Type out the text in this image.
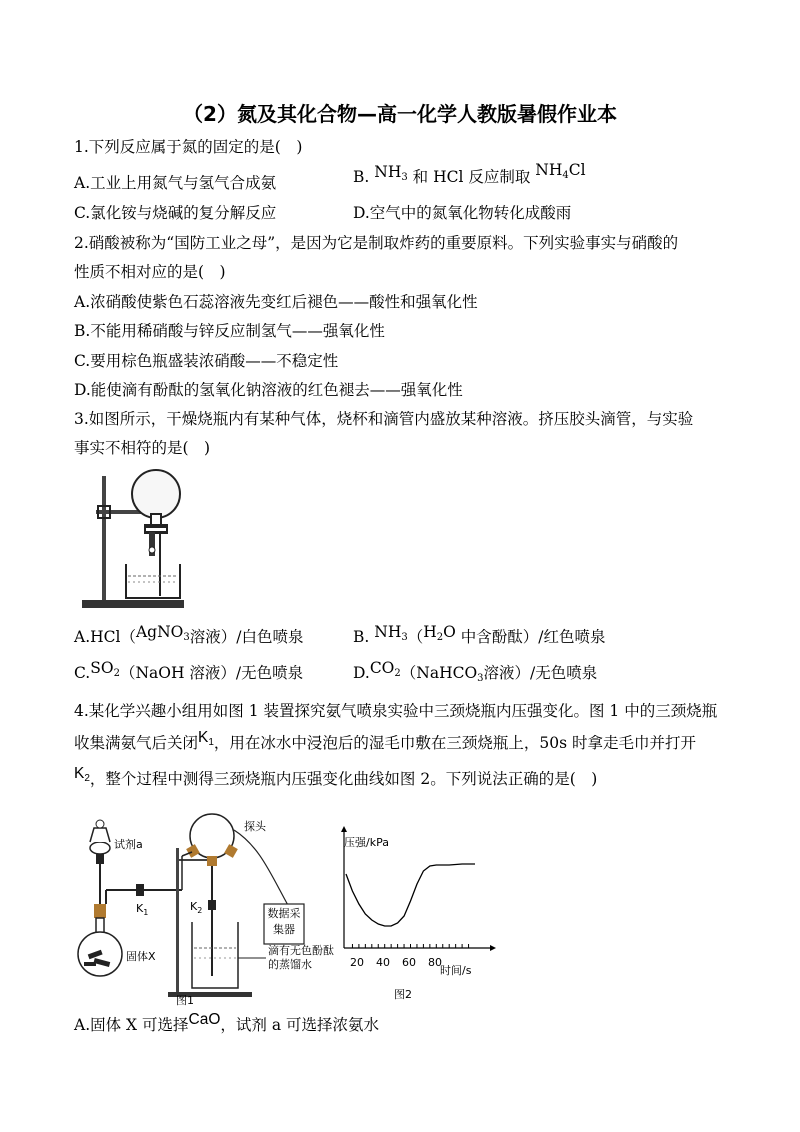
（2）氮及其化合物—高一化学人教版暑假作业本
1.下列反应属于氮的固定的是(　)
A.工业上用氮气与氢气合成氨	B. $NH_3$ 和 HCl 反应制取 $NH_4Cl$
C.氯化铵与烧碱的复分解反应	D.空气中的氮氧化物转化成酸雨
2.硝酸被称为“国防工业之母”，是因为它是制取炸药的重要原料。下列实验事实与硝酸的
性质不相对应的是(　)
A.浓硝酸使紫色石蕊溶液先变红后褪色——酸性和强氧化性
B.不能用稀硝酸与锌反应制氢气——强氧化性
C.要用棕色瓶盛装浓硝酸——不稳定性
D.能使滴有酚酞的氢氧化钠溶液的红色褪去——强氧化性
3.如图所示，干燥烧瓶内有某种气体，烧杯和滴管内盛放某种溶液。挤压胶头滴管，与实验
事实不相符的是(　)
A.HCl（AgNO$_3$溶液）/白色喷泉	B. $NH_3(H_2O$ 中含酚酞）/红色喷泉
$C.SO_2(NaOH$ 溶液）/无色喷泉	$D.CO_2(NaHCO_3$溶液）/无色喷泉
4.某化学兴趣小组用如图 1 装置探究氨气喷泉实验中三颈烧瓶内压强变化。图 1 中的三颈烧瓶
收集满氨气后关闭$K_1$，用在冰水中浸泡后的湿毛巾敷在三颈烧瓶上，50s 时拿走毛巾并打开
$K_2$，整个过程中测得三颈烧瓶内压强变化曲线如图 2。下列说法正确的是(　)
试剂a
固体X
$K_1$
探头
$K_2$
滴有无色酚酞
的蒸馏水
数据采集器
图1
压强/kPa
时间/s
20 40 60 80
图2
A.固体 X 可选择CaO，试剂 a 可选择浓氨水
